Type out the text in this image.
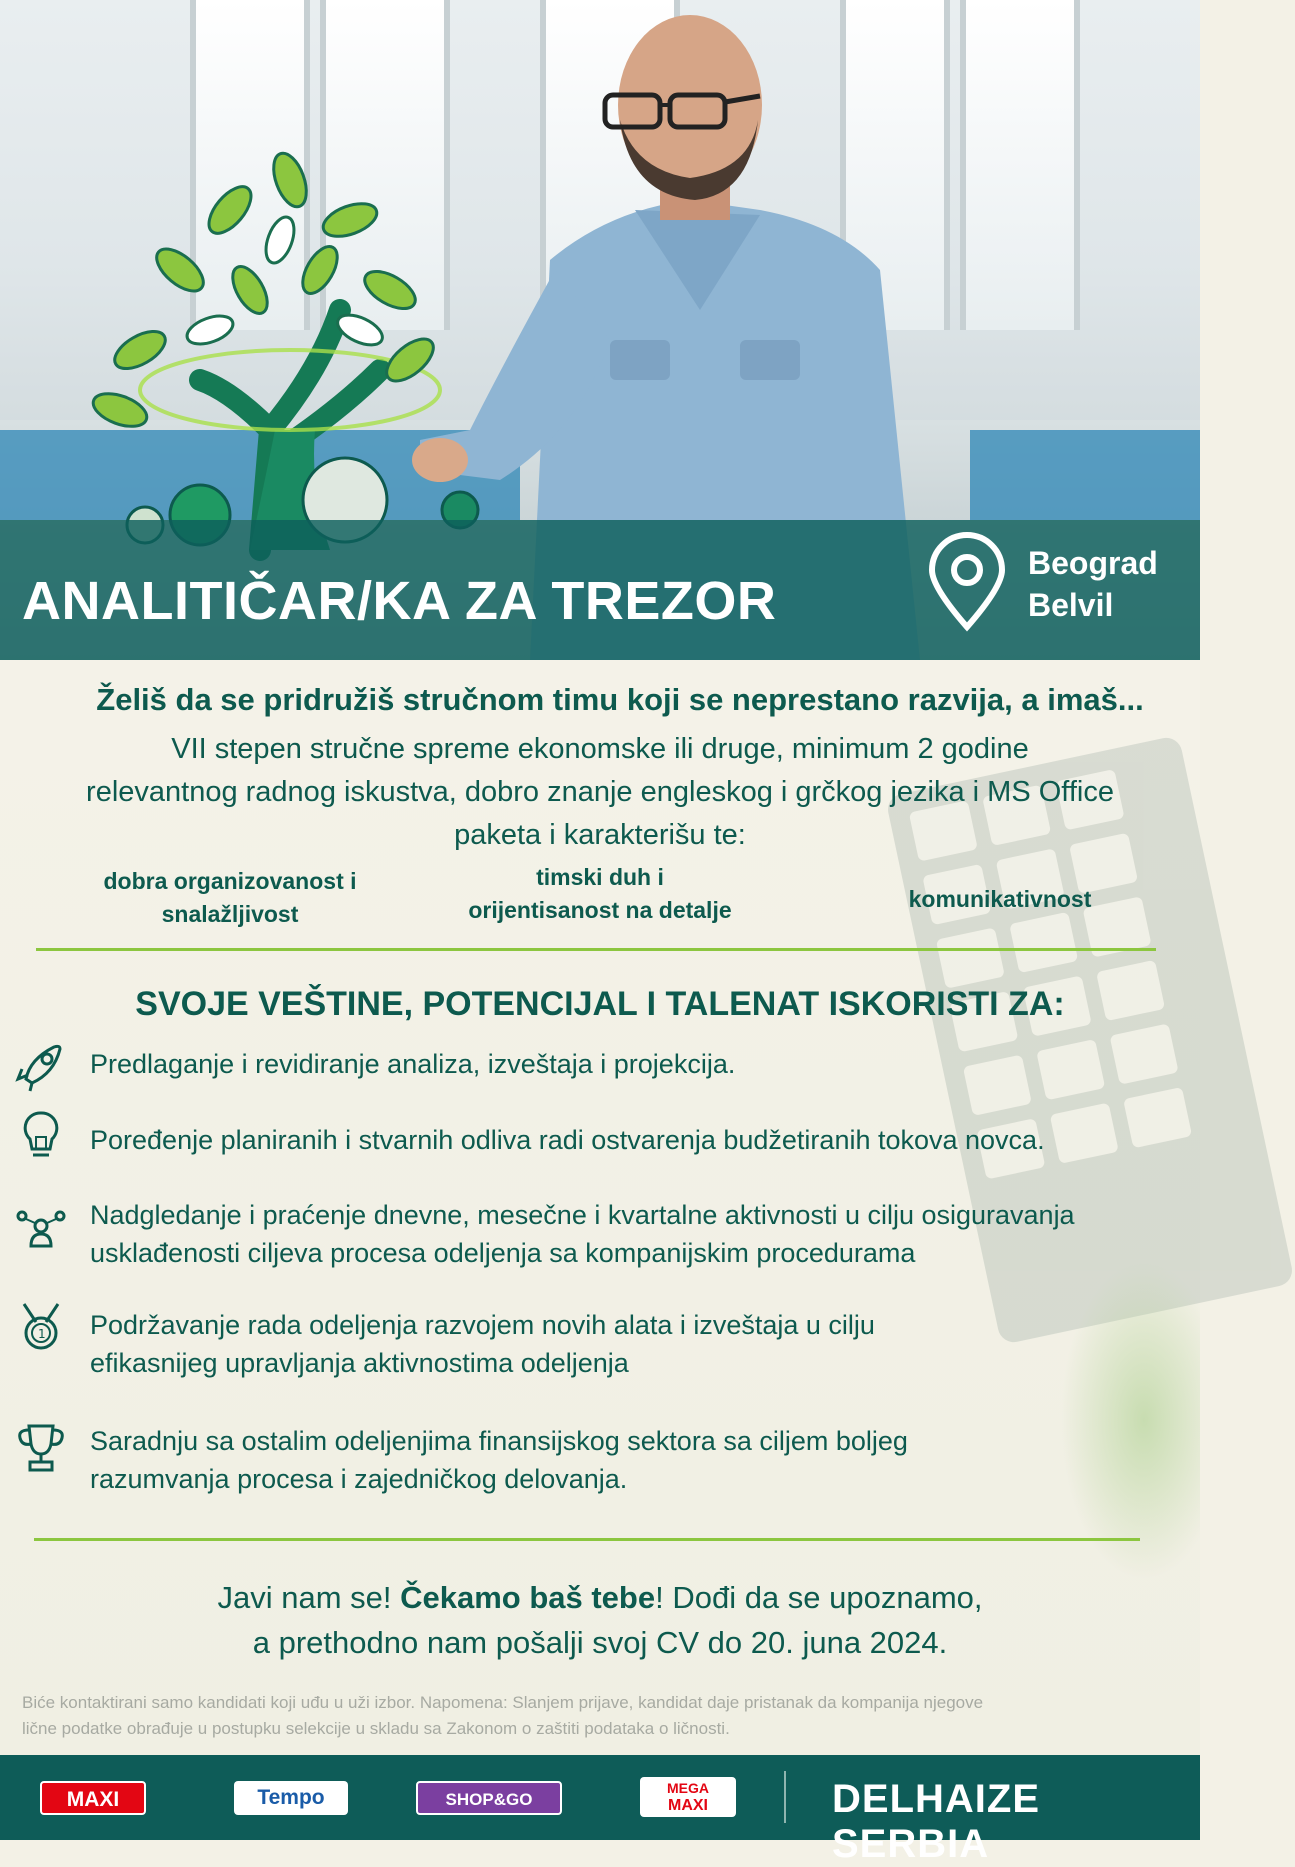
ANALITIČAR/KA ZA TREZOR
Beograd
Belvil
Želiš da se pridružiš stručnom timu koji se neprestano razvija, a imaš...
VII stepen stručne spreme ekonomske ili druge, minimum 2 godine
relevantnog radnog iskustva, dobro znanje engleskog i grčkog jezika i MS Office
paketa i karakterišu te:
dobra organizovanost i
snalažljivost
timski duh i
orijentisanost na detalje	komunikativnost
SVOJE VEŠTINE, POTENCIJAL I TALENAT ISKORISTI ZA:
Predlaganje i revidiranje analiza, izveštaja i projekcija.
Poređenje planiranih i stvarnih odliva radi ostvarenja budžetiranih tokova novca.
Nadgledanje i praćenje dnevne, mesečne i kvartalne aktivnosti u cilju osiguravanja
usklađenosti ciljeva procesa odeljenja sa kompanijskim procedurama
1 Podržavanje rada odeljenja razvojem novih alata i izveštaja u cilju
efikasnijeg upravljanja aktivnostima odeljenja
Saradnju sa ostalim odeljenjima finansijskog sektora sa ciljem boljeg
razumvanja procesa i zajedničkog delovanja.
Javi nam se! Čekamo baš tebe! Dođi da se upoznamo,
a prethodno nam pošalji svoj CV do 20. juna 2024.
Biće kontaktirani samo kandidati koji uđu u uži izbor. Napomena: Slanjem prijave, kandidat daje pristanak da kompanija njegove
lične podatke obrađuje u postupku selekcije u skladu sa Zakonom o zaštiti podataka o ličnosti.
MAXI	Tempo	SHOP&GO
MEGA
MAXI	DELHAIZE SERBIA
